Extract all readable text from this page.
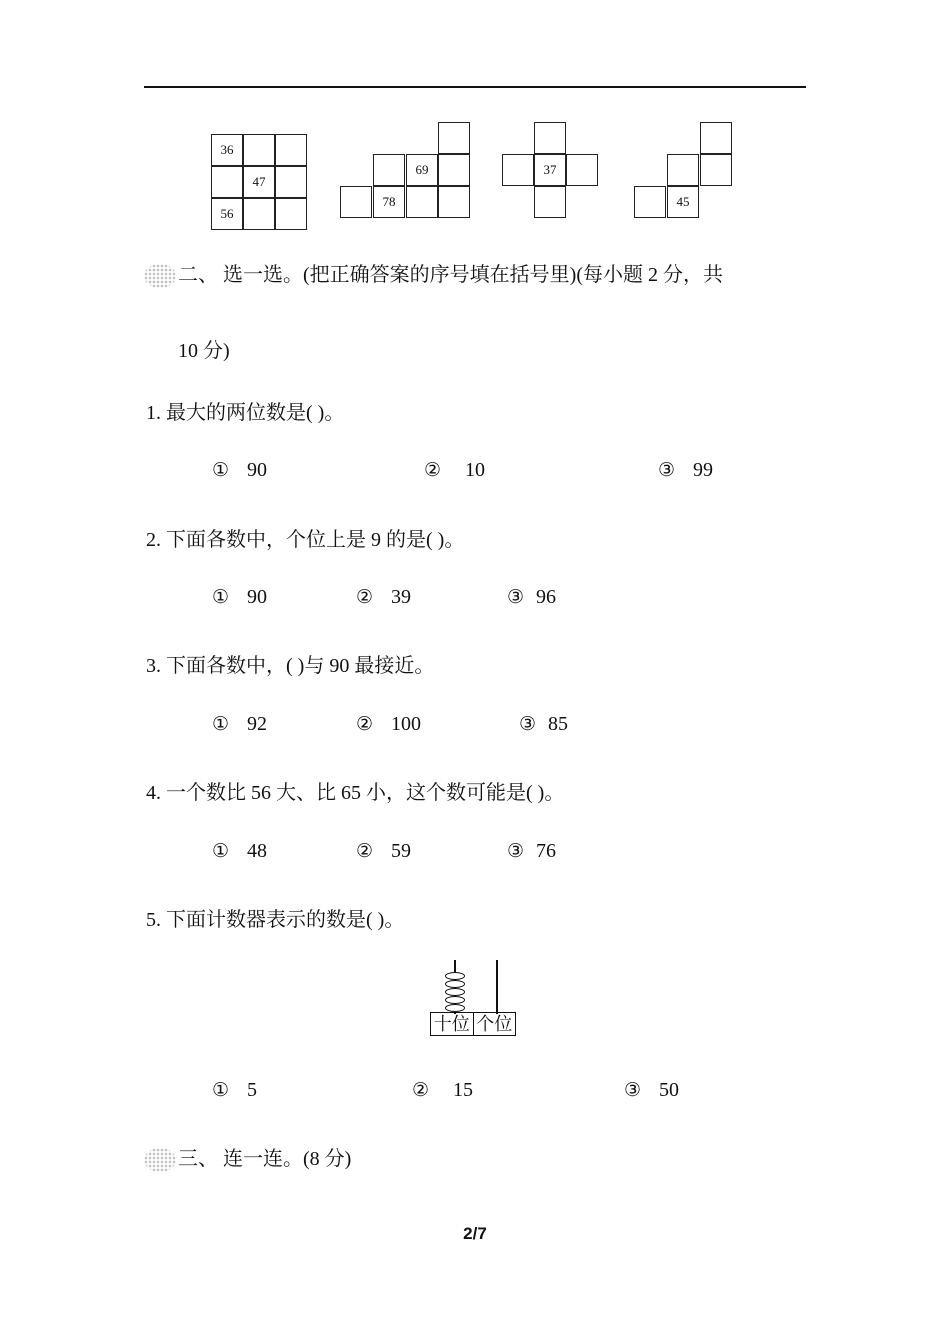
36
47
56
69
78
37
45
二、 选一选。(把正确答案的序号填在括号里)(每小题 2 分，共
10 分)
1. 最大的两位数是( )。
① 90	② 10	③ 99
2. 下面各数中，个位上是 9 的是( )。
① 90	② 39	③ 96
3. 下面各数中，( )与 90 最接近。
① 92	② 100	③ 85
4. 一个数比 56 大、比 65 小，这个数可能是( )。
① 48	② 59	③ 76
5. 下面计数器表示的数是( )。
十位 个位
① 5	② 15	③ 50
三、 连一连。(8 分)
2/7
